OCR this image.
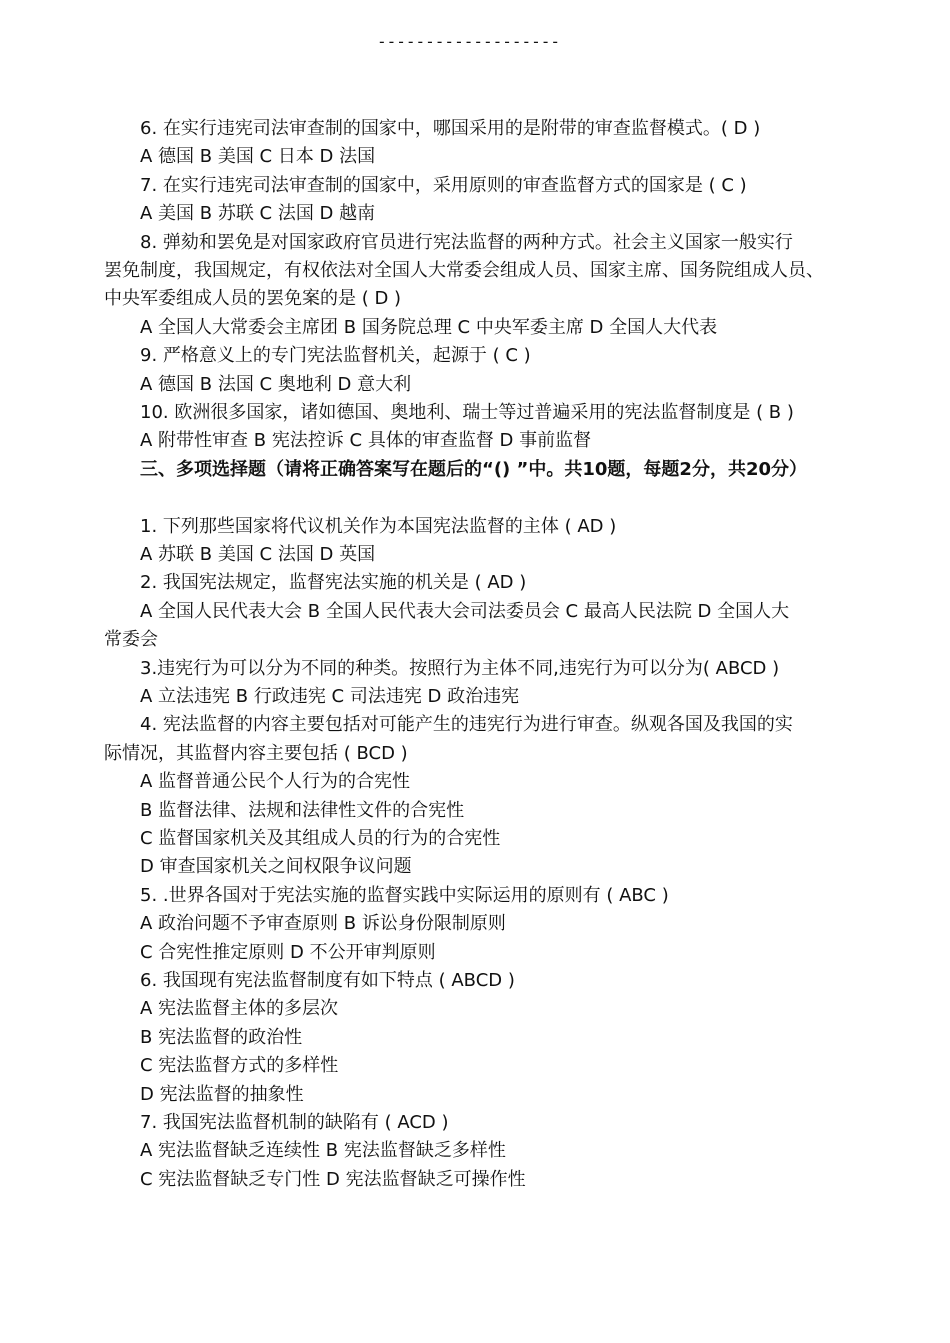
-------------------
6. 在实行违宪司法审查制的国家中，哪国采用的是附带的审查监督模式。( D )
A 德国 B 美国 C 日本 D 法国
7. 在实行违宪司法审查制的国家中，采用原则的审查监督方式的国家是 ( C )
A 美国 B 苏联 C 法国 D 越南
8. 弹劾和罢免是对国家政府官员进行宪法监督的两种方式。社会主义国家一般实行
罢免制度，我国规定，有权依法对全国人大常委会组成人员、国家主席、国务院组成人员、
中央军委组成人员的罢免案的是 ( D )
A 全国人大常委会主席团 B 国务院总理 C 中央军委主席 D 全国人大代表
9. 严格意义上的专门宪法监督机关，起源于 ( C )
A 德国 B 法国 C 奥地利 D 意大利
10. 欧洲很多国家，诸如德国、奥地利、瑞士等过普遍采用的宪法监督制度是 ( B )
A 附带性审查 B 宪法控诉 C 具体的审查监督 D 事前监督
三、多项选择题（请将正确答案写在题后的“() ”中。共10题，每题2分，共20分）
1. 下列那些国家将代议机关作为本国宪法监督的主体 ( AD )
A 苏联 B 美国 C 法国 D 英国
2. 我国宪法规定，监督宪法实施的机关是 ( AD )
A 全国人民代表大会 B 全国人民代表大会司法委员会 C 最高人民法院 D 全国人大
常委会
3.违宪行为可以分为不同的种类。按照行为主体不同,违宪行为可以分为( ABCD )
A 立法违宪 B 行政违宪 C 司法违宪 D 政治违宪
4. 宪法监督的内容主要包括对可能产生的违宪行为进行审查。纵观各国及我国的实
际情况，其监督内容主要包括 ( BCD )
A 监督普通公民个人行为的合宪性
B 监督法律、法规和法律性文件的合宪性
C 监督国家机关及其组成人员的行为的合宪性
D 审查国家机关之间权限争议问题
5. .世界各国对于宪法实施的监督实践中实际运用的原则有 ( ABC )
A 政治问题不予审查原则 B 诉讼身份限制原则
C 合宪性推定原则 D 不公开审判原则
6. 我国现有宪法监督制度有如下特点 ( ABCD )
A 宪法监督主体的多层次
B 宪法监督的政治性
C 宪法监督方式的多样性
D 宪法监督的抽象性
7. 我国宪法监督机制的缺陷有 ( ACD )
A 宪法监督缺乏连续性 B 宪法监督缺乏多样性
C 宪法监督缺乏专门性 D 宪法监督缺乏可操作性
